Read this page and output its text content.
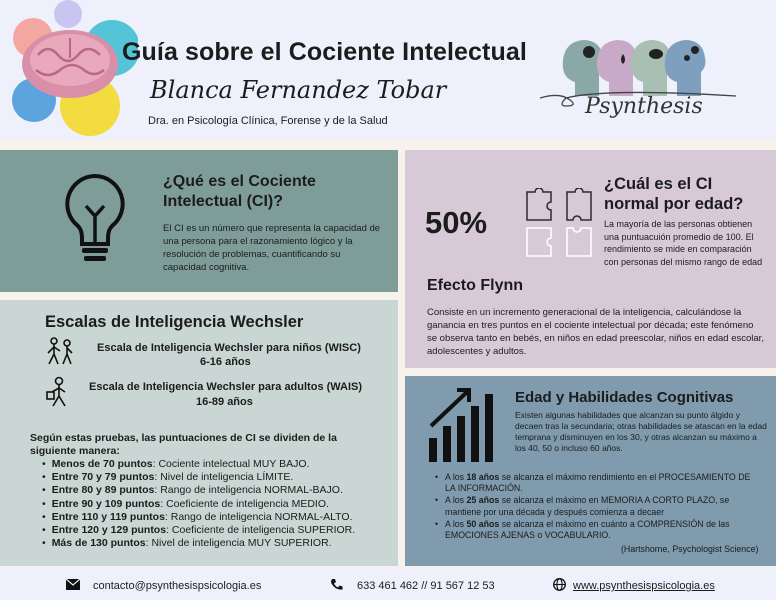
Guía sobre el Cociente Intelectual
Blanca Fernandez Tobar
Dra. en Psicología Clínica, Forense y de la Salud
Psynthesis
¿Qué es el Cociente Intelectual (CI)?
El CI es un número que representa la capacidad de una persona para el razonamiento lógico y la resolución de problemas, cuantificando su capacidad cognitiva.
50%
¿Cuál es el CI normal por edad?
La mayoría de las personas obtienen una puntuacuión promedio de 100. El rendimiento se mide en comparación con personas del mismo rango de edad
Efecto Flynn
Consiste en un incremento generacional de la inteligencia, calculándose la ganancia en tres puntos en el cociente intelectual por década; este fenómeno se observa tanto en bebés, en niños en edad preescolar, niños en edad escolar, adolescentes y adultos.
Escalas de Inteligencia Wechsler
Escala de Inteligencia Wechsler para niños (WISC)
6-16 años
Escala de Inteligencia Wechsler para adultos (WAIS)
16-89 años
Según estas pruebas, las puntuaciones de CI se dividen de la siguiente manera:
• Menos de 70 puntos: Cociente intelectual MUY BAJO.
• Entre 70 y 79 puntos: Nivel de inteligencia LÍMITE.
• Entre 80 y 89 puntos: Rango de inteligencia NORMAL-BAJO.
• Entre 90 y 109 puntos: Coeficiente de inteligencia MEDIO.
• Entre 110 y 119 puntos: Rango de inteligencia NORMAL-ALTO.
• Entre 120 y 129 puntos: Coeficiente de inteligencia SUPERIOR.
• Más de 130 puntos: Nivel de inteligencia MUY SUPERIOR.
Edad y Habilidades Cognitivas
Existen algunas habilidades que alcanzan su punto álgido y decaen tras la secundaria; otras habilidades se atascan en la edad temprana y disminuyen en los 30, y otras alcanzan su máximo a los 40, 50 o incluso 60 años.
• A los 18 años se alcanza el máximo rendimiento en el PROCESAMIENTO DE LA INFORMACIÓN.
• A los 25 años se alcanza el máximo en MEMORIA A CORTO PLAZO, se mantiene por una década y después comienza a decaer
• A los 50 años se alcanza el máximo en cuánto a COMPRENSIÓN de las EMOCIONES AJENAS o VOCABULARIO.
(Hartshorne, Psychologist Science)
contacto@psynthesispsicologia.es	633 461 462 // 91 567 12 53	www.psynthesispsicologia.es
